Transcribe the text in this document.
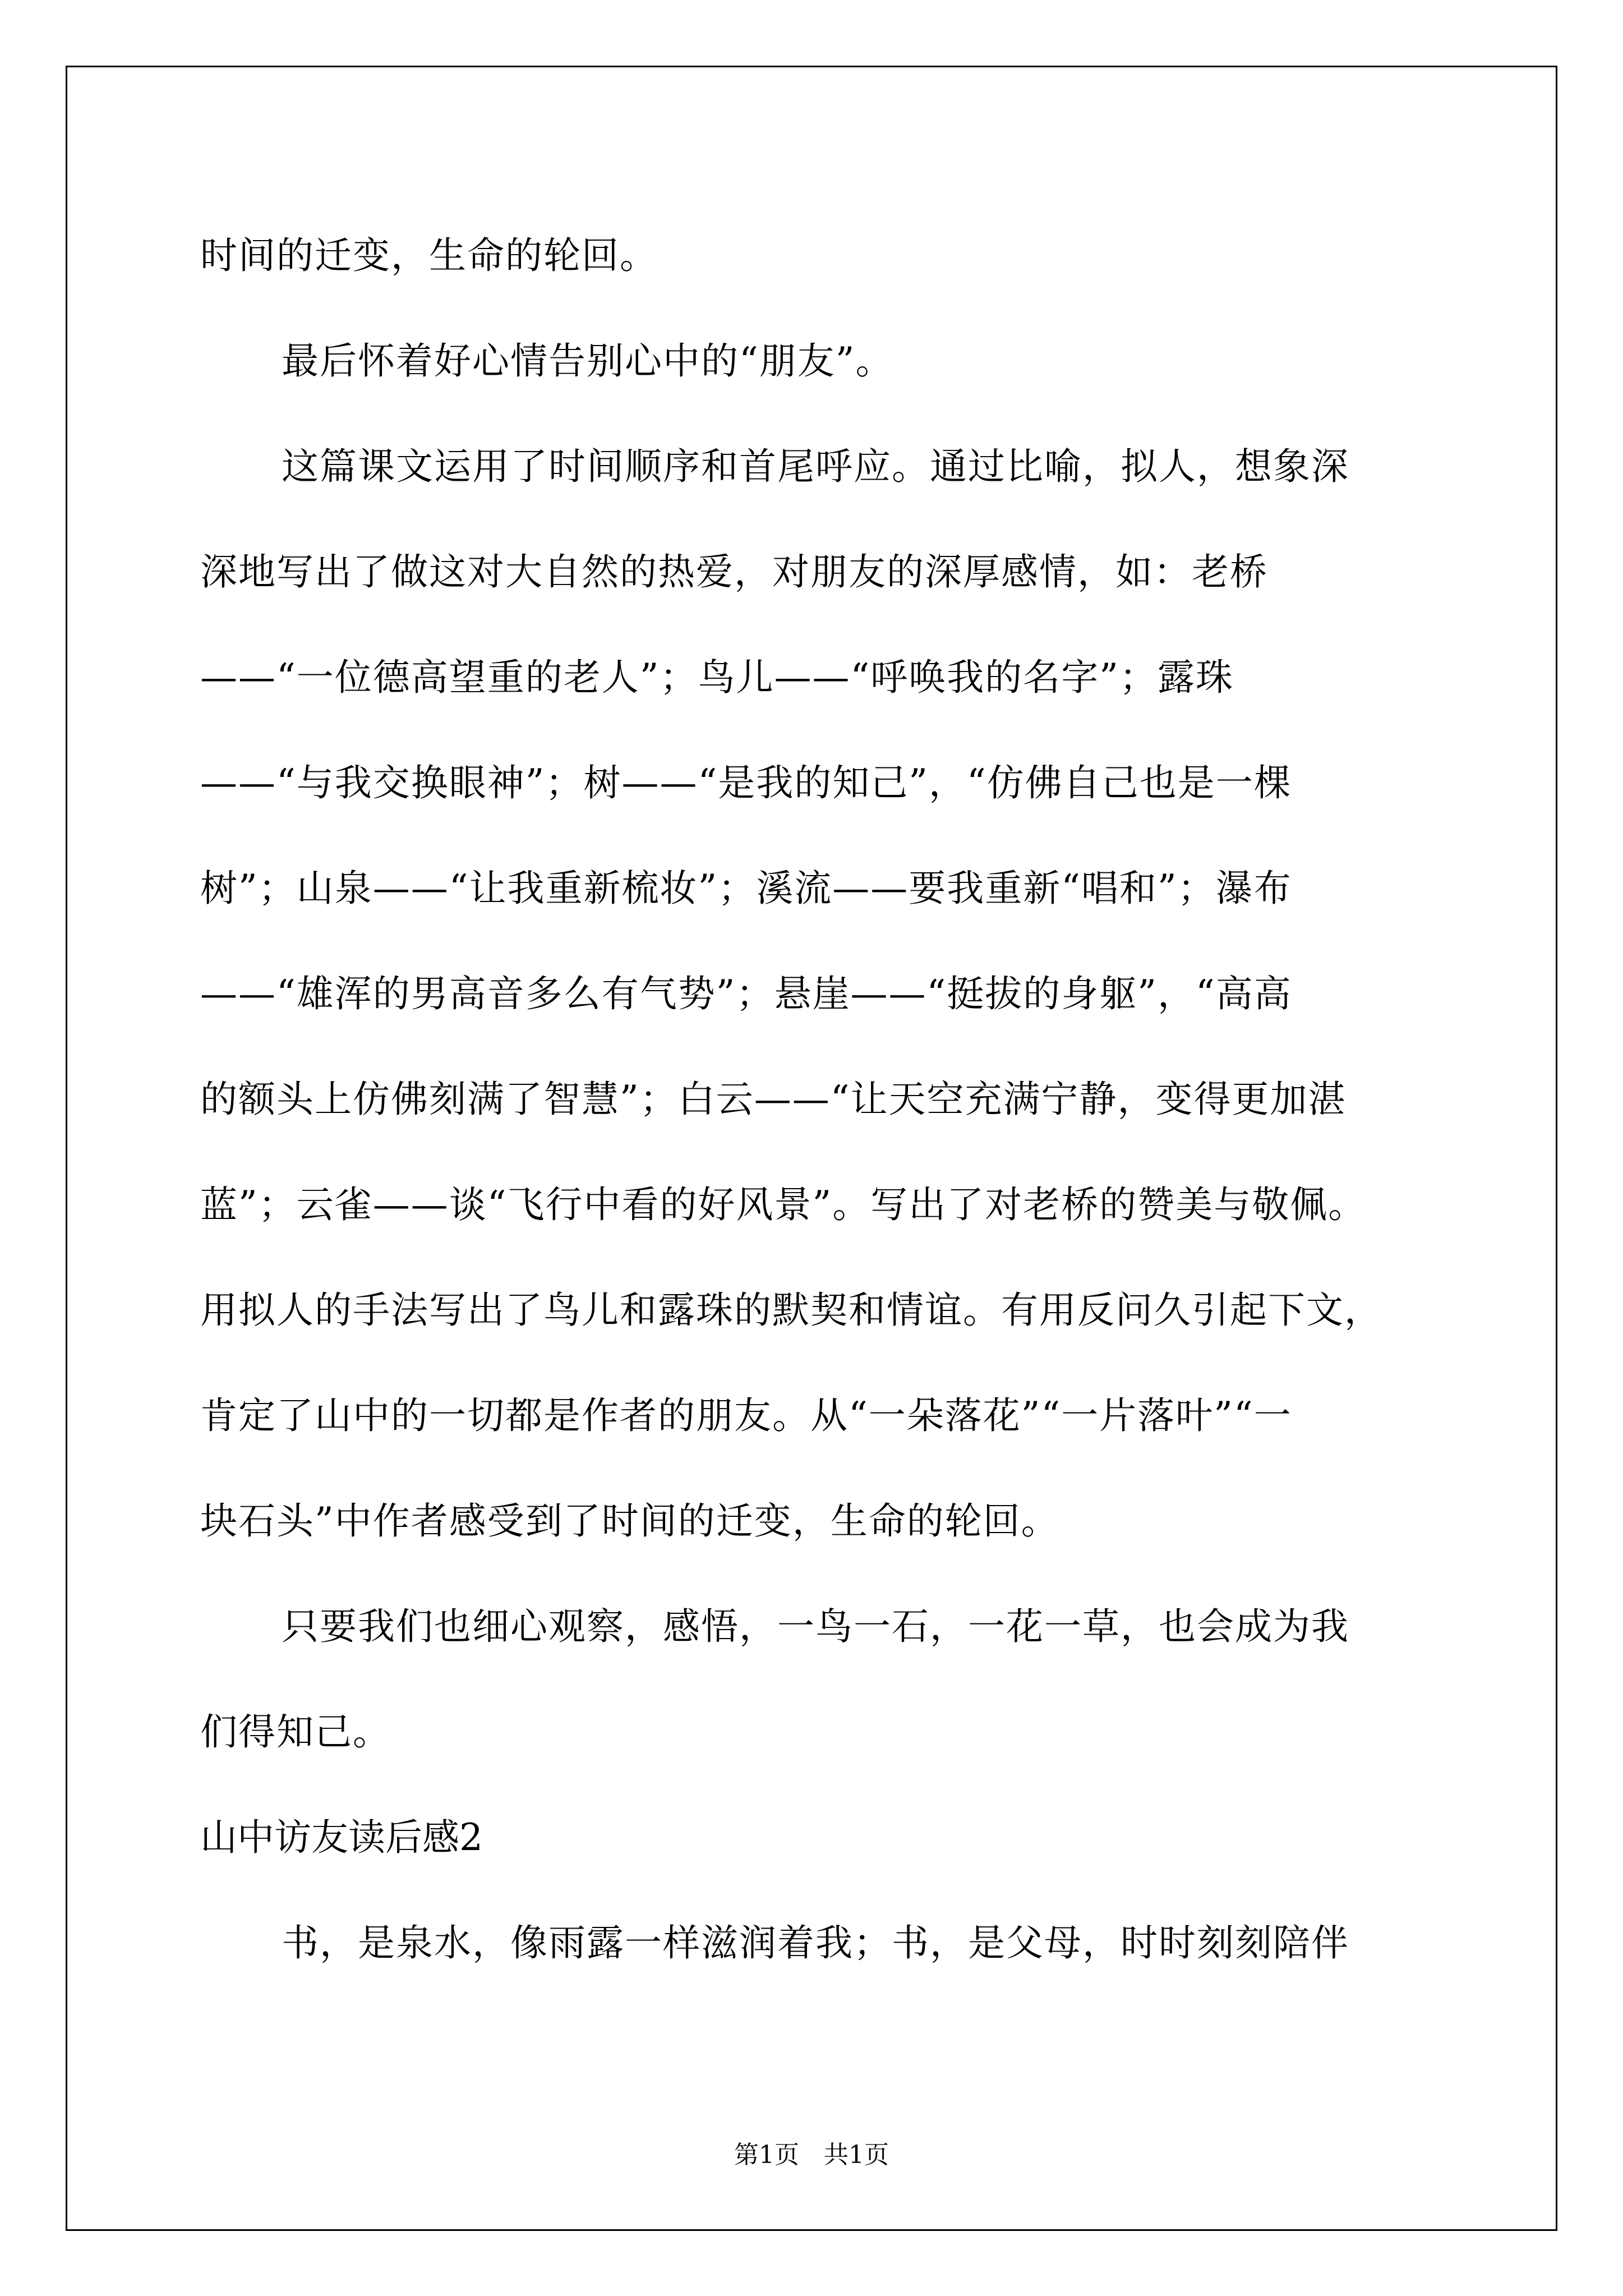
时间的迁变，生命的轮回。
最后怀着好心情告别心中的“朋友”。
这篇课文运用了时间顺序和首尾呼应。通过比喻，拟人，想象深
深地写出了做这对大自然的热爱，对朋友的深厚感情，如：老桥
——“一位德高望重的老人”；鸟儿——“呼唤我的名字”；露珠
——“与我交换眼神”；树——“是我的知己”，“仿佛自己也是一棵
树”；山泉——“让我重新梳妆”；溪流——要我重新“唱和”；瀑布
——“雄浑的男高音多么有气势”；悬崖——“挺拔的身躯”，“高高
的额头上仿佛刻满了智慧”；白云——“让天空充满宁静，变得更加湛
蓝”；云雀——谈“飞行中看的好风景”。写出了对老桥的赞美与敬佩。
用拟人的手法写出了鸟儿和露珠的默契和情谊。有用反问久引起下文，
肯定了山中的一切都是作者的朋友。从“一朵落花”“一片落叶”“一
块石头”中作者感受到了时间的迁变，生命的轮回。
只要我们也细心观察，感悟，一鸟一石，一花一草，也会成为我
们得知己。
山中访友读后感2
书，是泉水，像雨露一样滋润着我；书，是父母，时时刻刻陪伴
第1页　共1页
